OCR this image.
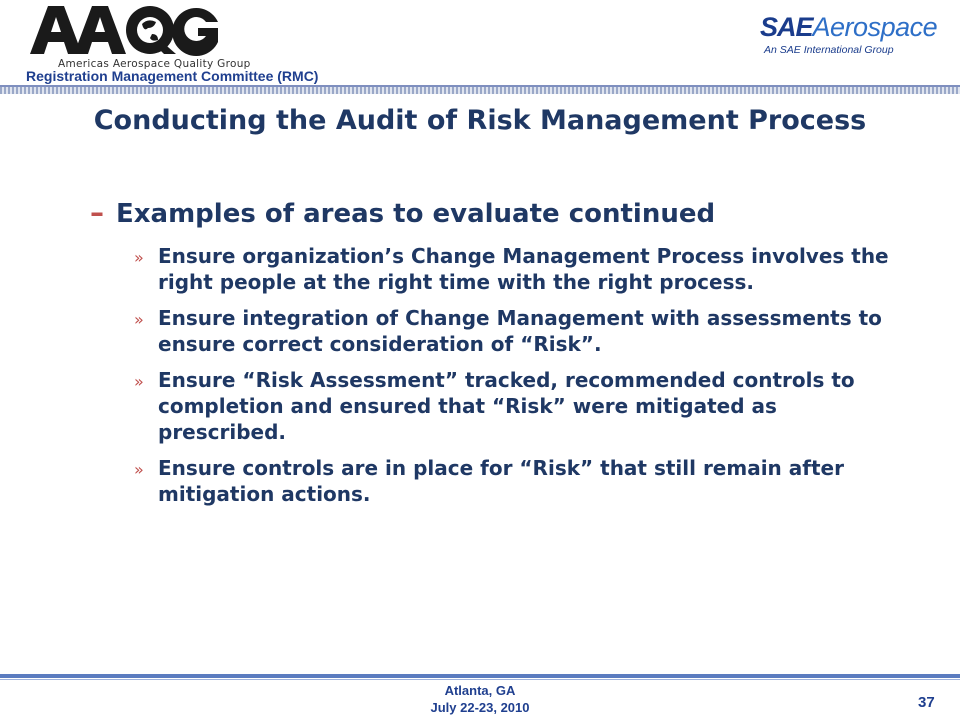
Americas Aerospace Quality Group
Registration Management Committee (RMC)
SAEAerospace
An SAE International Group
Conducting the Audit of Risk Management Process
– Examples of areas to evaluate continued
» Ensure organization’s Change Management Process involves the right people at the right time with the right process.
» Ensure integration of Change Management with assessments to ensure correct consideration of “Risk”.
» Ensure “Risk Assessment” tracked, recommended controls to completion and ensured that “Risk” were mitigated as prescribed.
» Ensure controls are in place for “Risk” that still remain after mitigation actions.
Atlanta, GA
July 22-23, 2010	37
